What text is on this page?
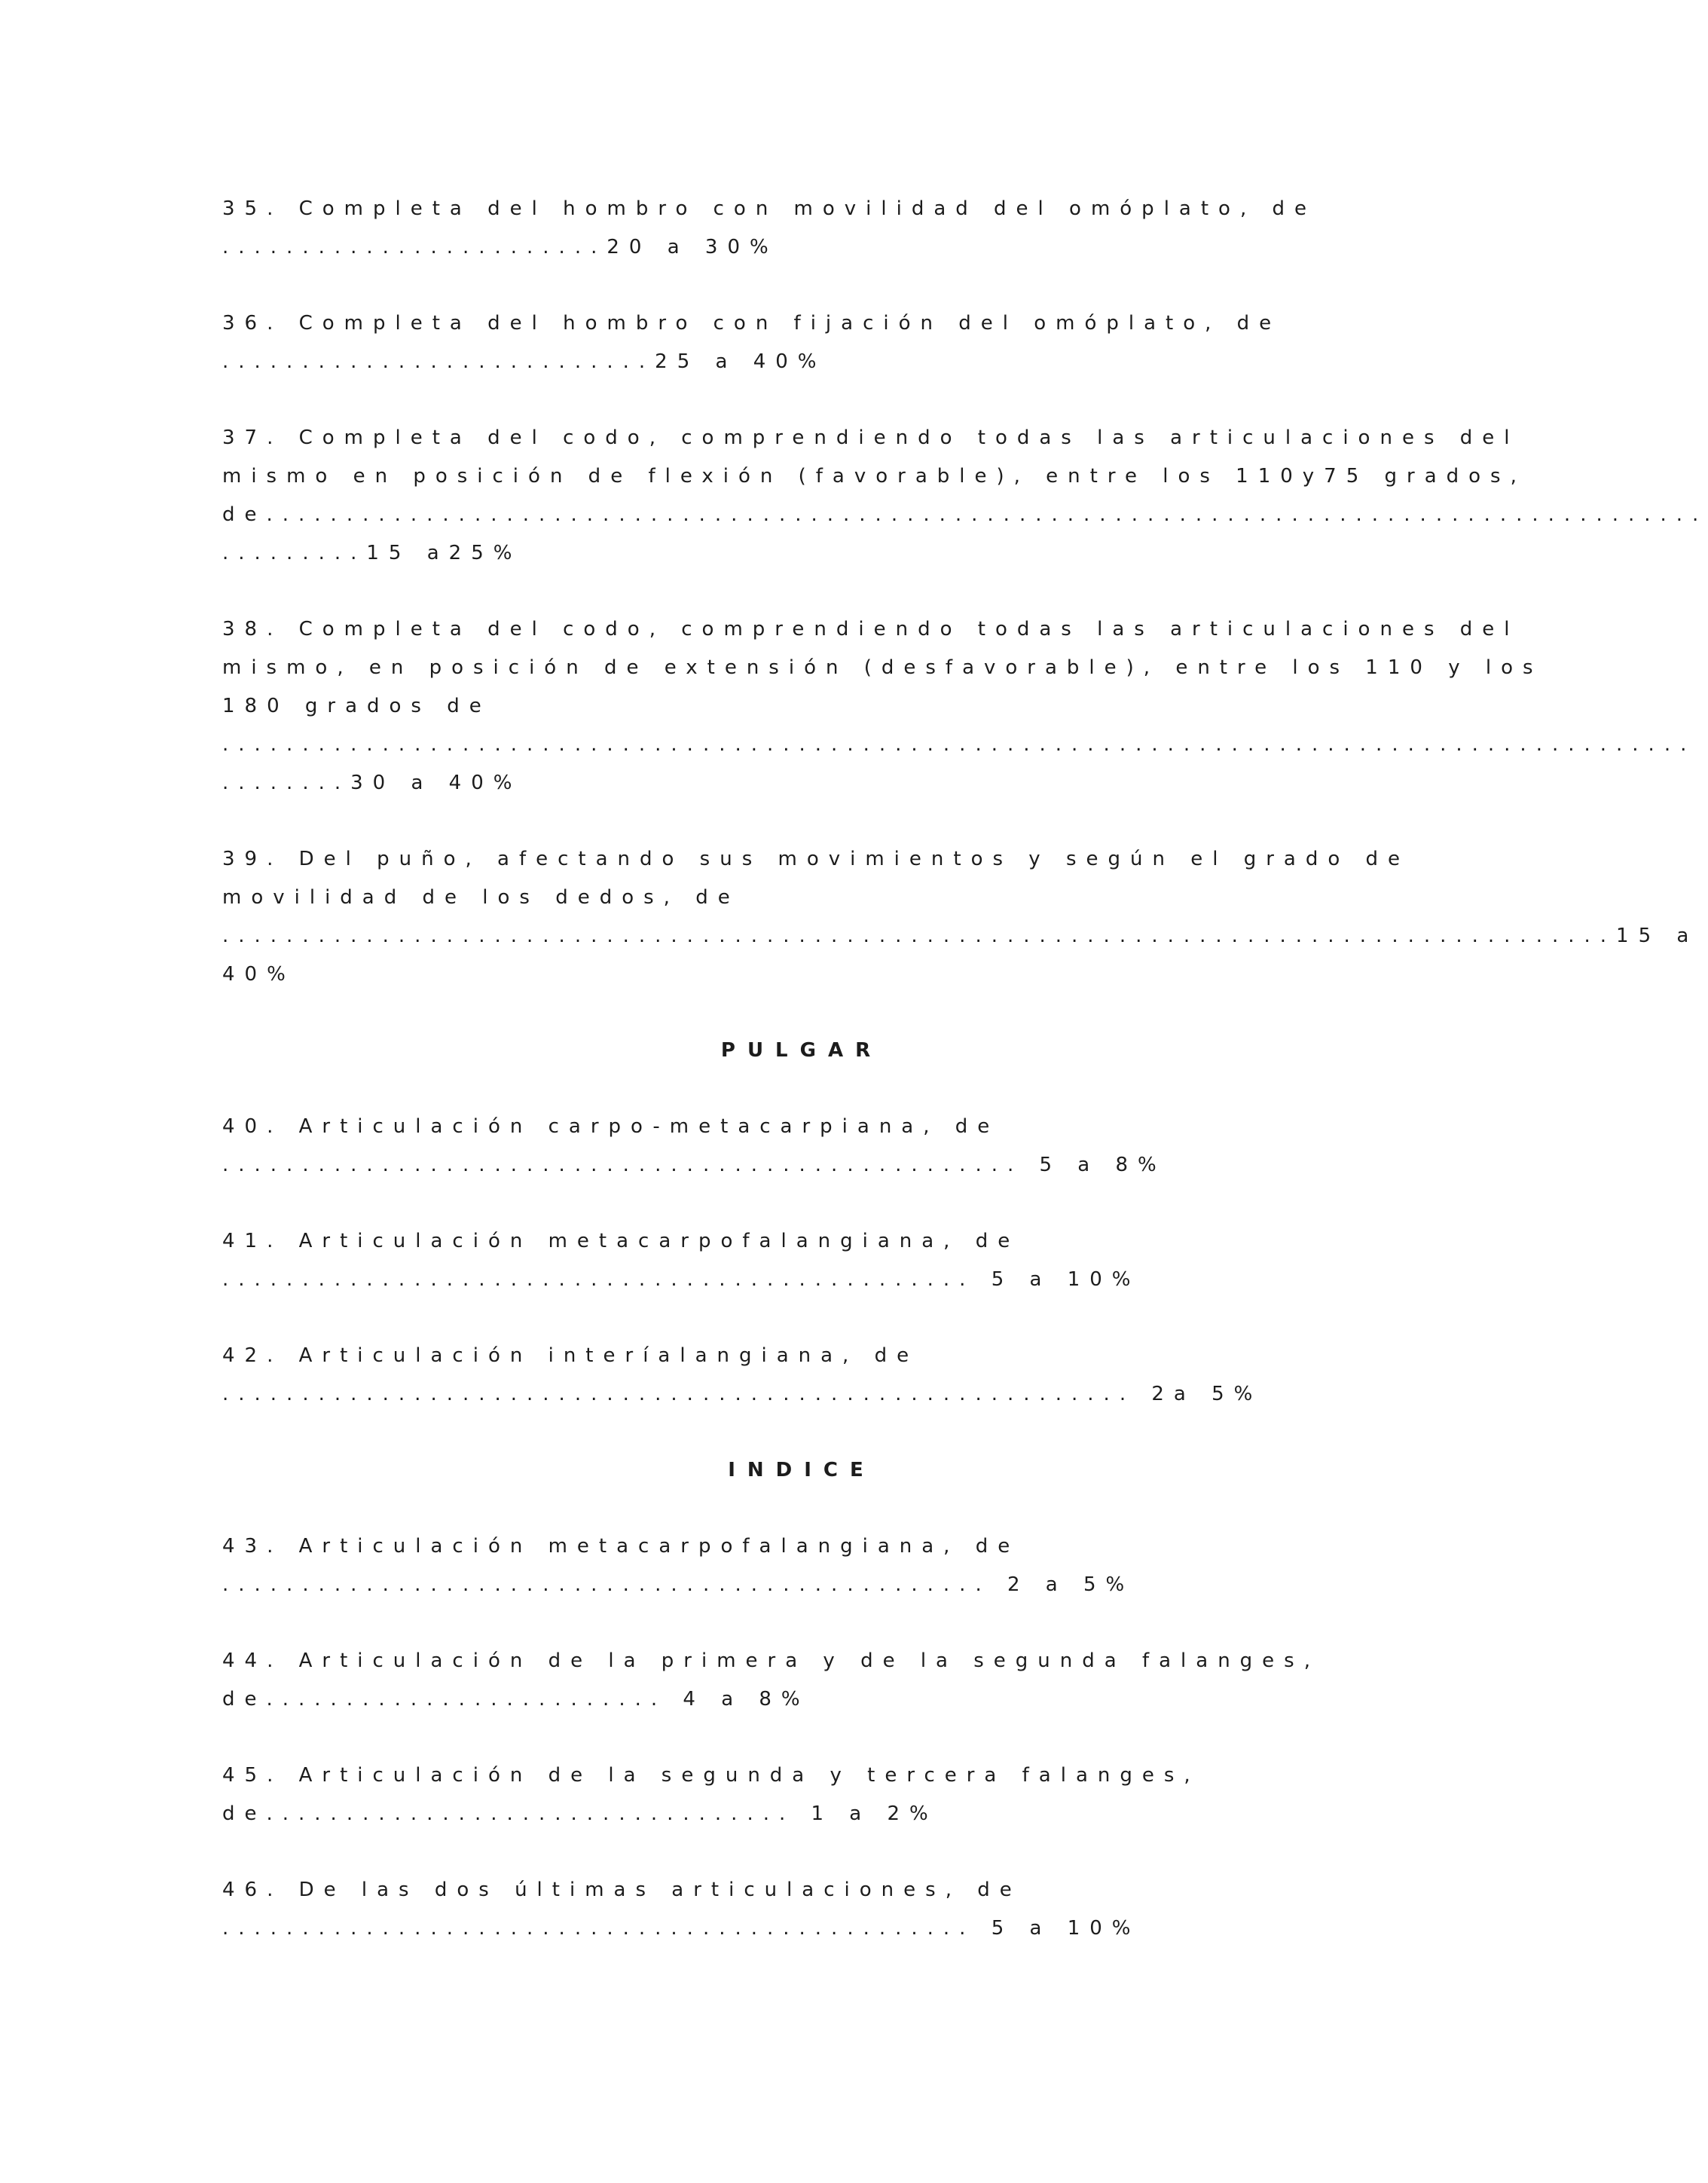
35. Completa del hombro con movilidad del omóplato, de

........................20 a 30%

36. Completa del hombro con fijación del omóplato, de

...........................25 a 40%

37. Completa del codo, comprendiendo todas las articulaciones del

mismo en posición de flexión (favorable), entre los 110y75 grados,

de..........................................................................................

.........15 a25%

38. Completa del codo, comprendiendo todas las articulaciones del

mismo, en posición de extensión (desfavorable), entre los 110 y los

180 grados de

............................................................................................

........30 a 40%

39. Del puño, afectando sus movimientos y según el grado de

movilidad de los dedos, de

.......................................................................................15 a

40%

PULGAR

40. Articulación carpo-metacarpiana, de

.................................................. 5 a 8%

41. Articulación metacarpofalangiana, de

............................................... 5 a 10%

42. Articulación interíalangiana, de

......................................................... 2a 5%

INDICE

43. Articulación metacarpofalangiana, de

................................................ 2 a 5%

44. Articulación de la primera y de la segunda falanges,

de......................... 4 a 8%

45. Articulación de la segunda y tercera falanges,

de................................. 1 a 2%

46. De las dos últimas articulaciones, de

............................................... 5 a 10%
